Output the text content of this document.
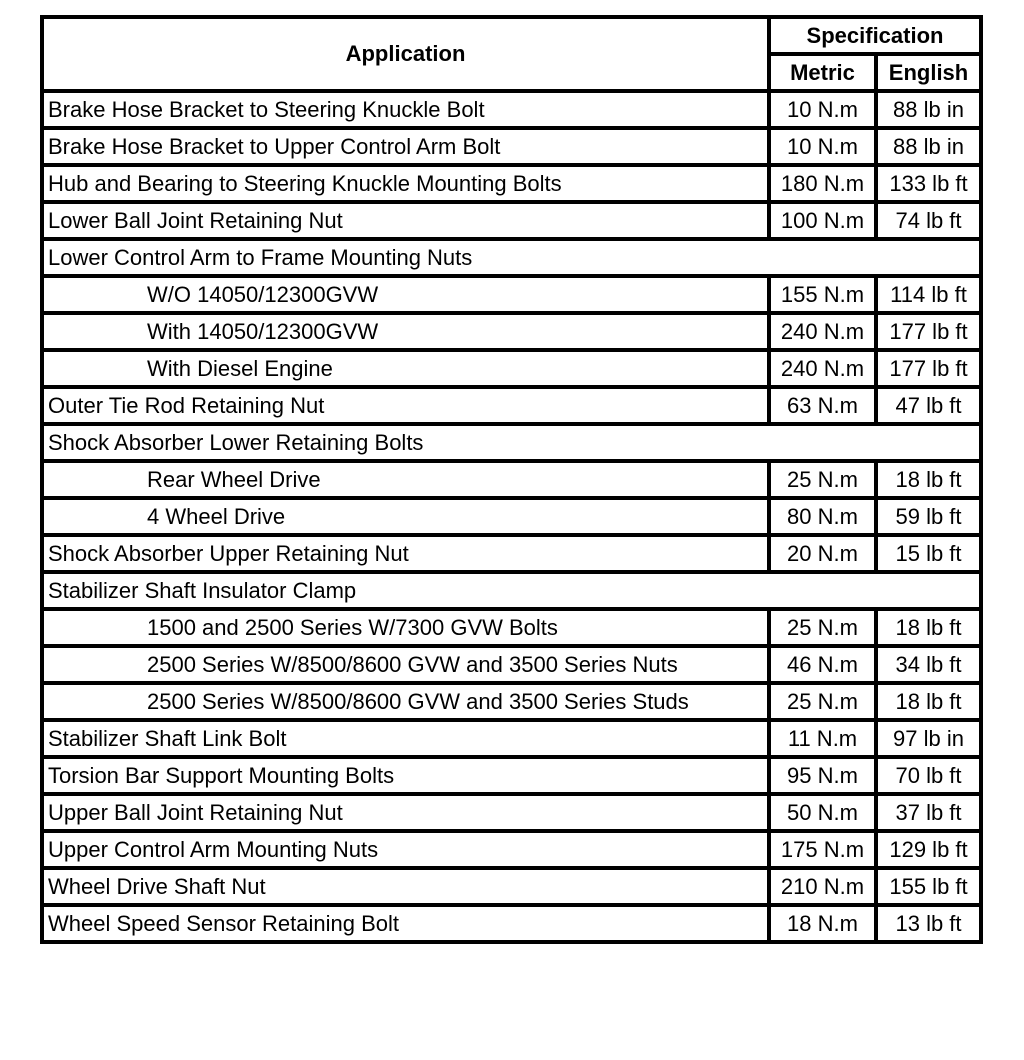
Application	Specification	
	Metric	English
Brake Hose Bracket to Steering Knuckle Bolt	10 N.m	88 lb in
Brake Hose Bracket to Upper Control Arm Bolt	10 N.m	88 lb in
Hub and Bearing to Steering Knuckle Mounting Bolts	180 N.m	133 lb ft
Lower Ball Joint Retaining Nut	100 N.m	74 lb ft
Lower Control Arm to Frame Mounting Nuts		
W/O 14050/12300GVW	155 N.m	114 lb ft
With 14050/12300GVW	240 N.m	177 lb ft
With Diesel Engine	240 N.m	177 lb ft
Outer Tie Rod Retaining Nut	63 N.m	47 lb ft
Shock Absorber Lower Retaining Bolts		
Rear Wheel Drive	25 N.m	18 lb ft
4 Wheel Drive	80 N.m	59 lb ft
Shock Absorber Upper Retaining Nut	20 N.m	15 lb ft
Stabilizer Shaft Insulator Clamp		
1500 and 2500 Series W/7300 GVW Bolts	25 N.m	18 lb ft
2500 Series W/8500/8600 GVW and 3500 Series Nuts	46 N.m	34 lb ft
2500 Series W/8500/8600 GVW and 3500 Series Studs	25 N.m	18 lb ft
Stabilizer Shaft Link Bolt	11 N.m	97 lb in
Torsion Bar Support Mounting Bolts	95 N.m	70 lb ft
Upper Ball Joint Retaining Nut	50 N.m	37 lb ft
Upper Control Arm Mounting Nuts	175 N.m	129 lb ft
Wheel Drive Shaft Nut	210 N.m	155 lb ft
Wheel Speed Sensor Retaining Bolt	18 N.m	13 lb ft
